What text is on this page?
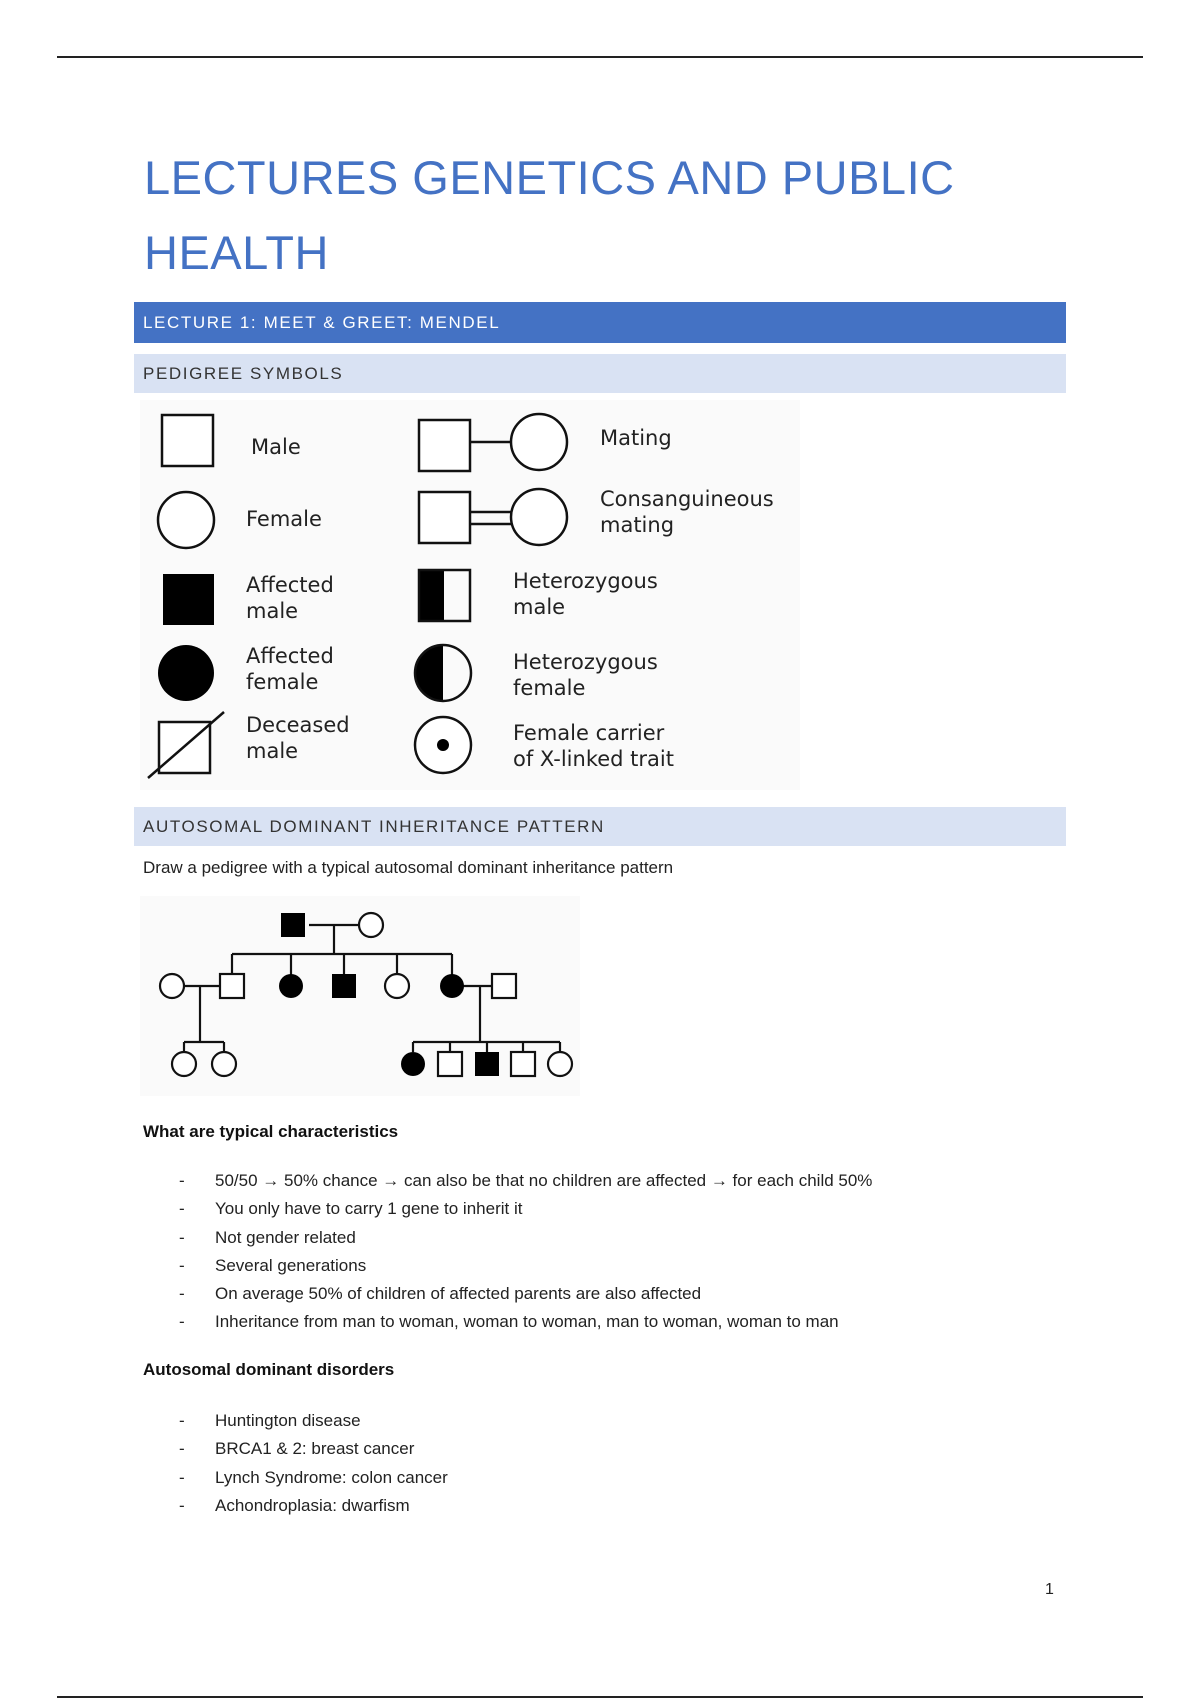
LECTURES GENETICS AND PUBLIC HEALTH
LECTURE 1: MEET & GREET: MENDEL
PEDIGREE SYMBOLS
Male
Female
Affected
male
Affected
female
Deceased
male
Mating
Consanguineous
mating
Heterozygous
male
Heterozygous
female
Female carrier
of X-linked trait
AUTOSOMAL DOMINANT INHERITANCE PATTERN
Draw a pedigree with a typical autosomal dominant inheritance pattern
What are typical characteristics
- 50/50 → 50% chance → can also be that no children are affected → for each child 50%
- You only have to carry 1 gene to inherit it
- Not gender related
- Several generations
- On average 50% of children of affected parents are also affected
- Inheritance from man to woman, woman to woman, man to woman, woman to man
Autosomal dominant disorders
- Huntington disease
- BRCA1 & 2: breast cancer
- Lynch Syndrome: colon cancer
- Achondroplasia: dwarfism
1
